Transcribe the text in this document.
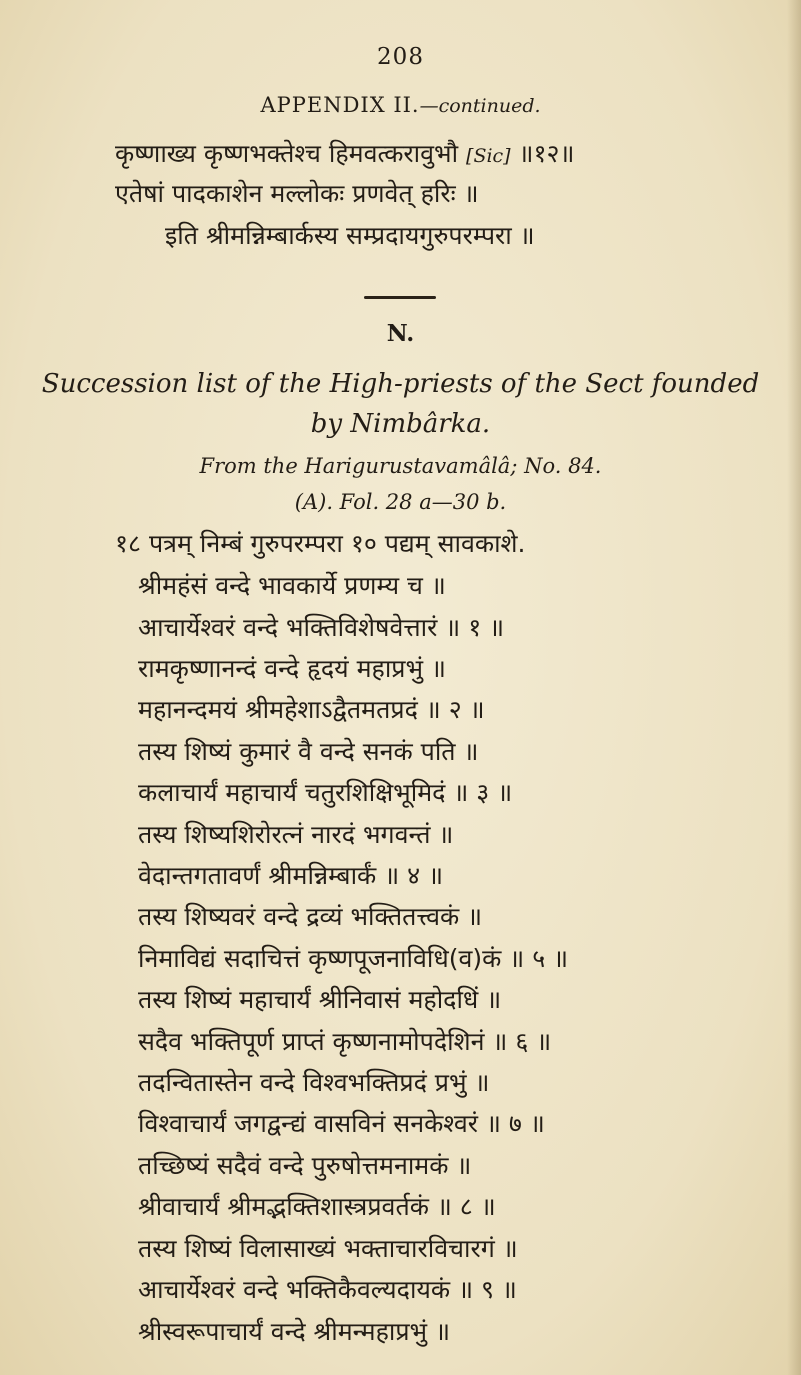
208
APPENDIX II.—continued.
कृष्णाख्य कृष्णभक्तेश्च हिमवत्करावुभौ [Sic] ॥१२॥
एतेषां पादकाशेन मल्लोकः प्रणवेत् हरिः ॥
इति श्रीमन्निम्बार्कस्य सम्प्रदायगुरुपरम्परा ॥
N.
Succession list of the High-priests of the Sect founded
by Nimbârka.
From the Harigurustavamâlâ; No. 84.
(A). Fol. 28 a—30 b.
१८ पत्रम् निम्बं गुरुपरम्परा १० पद्यम् सावकाशे.
श्रीमहंसं वन्दे भावकार्ये प्रणम्य च ॥
आचार्येश्वरं वन्दे भक्तिविशेषवेत्तारं ॥ १ ॥
रामकृष्णानन्दं वन्दे हृदयं महाप्रभुं ॥
महानन्दमयं श्रीमहेशाऽद्वैतमतप्रदं ॥ २ ॥
तस्य शिष्यं कुमारं वै वन्दे सनकं पति ॥
कलाचार्यं महाचार्यं चतुरशिक्षिभूमिदं ॥ ३ ॥
तस्य शिष्यशिरोरत्नं नारदं भगवन्तं ॥
वेदान्तगतावर्णं श्रीमन्निम्बार्कं ॥ ४ ॥
तस्य शिष्यवरं वन्दे द्रव्यं भक्तितत्त्वकं ॥
निमाविद्यं सदाचित्तं कृष्णपूजनाविधि(व)कं ॥ ५ ॥
तस्य शिष्यं महाचार्यं श्रीनिवासं महोदधिं ॥
सदैव भक्तिपूर्ण प्राप्तं कृष्णनामोपदेशिनं ॥ ६ ॥
तदन्वितास्तेन वन्दे विश्वभक्तिप्रदं प्रभुं ॥
विश्वाचार्यं जगद्वन्द्यं वासविनं सनकेश्वरं ॥ ७ ॥
तच्छिष्यं सदैवं वन्दे पुरुषोत्तमनामकं ॥
श्रीवाचार्यं श्रीमद्भक्तिशास्त्रप्रवर्तकं ॥ ८ ॥
तस्य शिष्यं विलासाख्यं भक्ताचारविचारगं ॥
आचार्येश्वरं वन्दे भक्तिकैवल्यदायकं ॥ ९ ॥
श्रीस्वरूपाचार्यं वन्दे श्रीमन्महाप्रभुं ॥
